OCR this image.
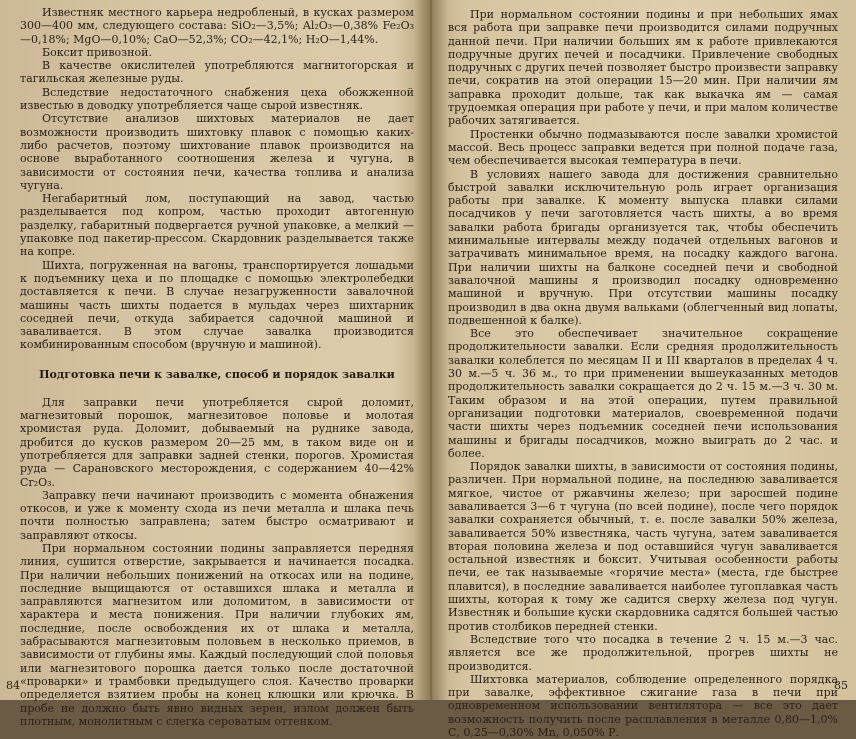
Известняк местного карьера недробленый, в кусках размером 300—400 мм, следующего состава: SiO₂—3,5%; Al₂O₃—0,38% Fe₂O₃—0,18%; MgO—0,10%; CaO—52,3%; CO₂—42,1%; H₂O—1,44%.

Боксит привозной.

В качестве окислителей употребляются магнитогорская и тагильская железные руды.

Вследствие недостаточного снабжения цеха обожженной известью в доводку употребляется чаще сырой известняк.

Отсутствие анализов шихтовых материалов не дает возможности производить шихтовку плавок с помощью каких-либо расчетов, поэтому шихтование плавок производится на основе выработанного соотношения железа и чугуна, в зависимости от состояния печи, качества топлива и анализа чугуна.

Негабаритный лом, поступающий на завод, частью разделывается под копром, частью проходит автогенную разделку, габаритный подвергается ручной упаковке, а мелкий — упаковке под пакетир-прессом. Скардовник разделывается также на копре.

Шихта, погруженная на вагоны, транспортируется лошадьми к подъемнику цеха и по площадке с помощью электролебедки доставляется к печи. В случае незагруженности завалочной машины часть шихты подается в мульдах через шихтарник соседней печи, откуда забирается садочной машиной и заваливается. В этом случае завалка производится комбинированным способом (вручную и машиной).

Подготовка печи к завалке, способ и порядок завалки

Для заправки печи употребляется сырой доломит, магнезитовый порошок, магнезитовое половье и молотая хромистая руда. Доломит, добываемый на руднике завода, дробится до кусков размером 20—25 мм, в таком виде он и употребляется для заправки задней стенки, порогов. Хромистая руда — Сарановского месторождения, с содержанием 40—42% Cr₂O₃.

Заправку печи начинают производить с момента обнажения откосов, и уже к моменту схода из печи металла и шлака печь почти полностью заправлена; затем быстро осматривают и заправляют откосы.

При нормальном состоянии подины заправляется передняя линия, сушится отверстие, закрывается и начинается посадка. При наличии небольших понижений на откосах или на подине, последние выщищаются от оставшихся шлака и металла и заправляются магнезитом или доломитом, в зависимости от характера и места понижения. При наличии глубоких ям, последние, после освобождения их от шлака и металла, забрасываются магнезитовым половьем в несколько приемов, в зависимости от глубины ямы. Каждый последующий слой половья или магнезитового порошка дается только после достаточной «проварки» и трамбовки предыдущего слоя. Качество проварки определяется взятием пробы на конец клюшки или крючка. В пробе не должно быть явно видных зерен, излом должен быть плотным, монолитным с слегка сероватым оттенком.

84

При нормальном состоянии подины и при небольших ямах вся работа при заправке печи производится силами подручных данной печи. При наличии больших ям к работе привлекаются подручные других печей и посадчики. Привлечение свободных подручных с других печей позволяет быстро произвести заправку печи, сократив на этой операции 15—20 мин. При наличии ям заправка проходит дольше, так как выкачка ям — самая трудоемкая операция при работе у печи, и при малом количестве рабочих затягивается.

Простенки обычно подмазываются после завалки хромистой массой. Весь процесс заправки ведется при полной подаче газа, чем обеспечивается высокая температура в печи.

В условиях нашего завода для достижения сравнительно быстрой завалки исключительную роль играет организация работы при завалке. К моменту выпуска плавки силами посадчиков у печи заготовляется часть шихты, а во время завалки работа бригады организуется так, чтобы обеспечить минимальные интервалы между подачей отдельных вагонов и затрачивать минимальное время, на посадку каждого вагона. При наличии шихты на балконе соседней печи и свободной завалочной машины я производил посадку одновременно машиной и вручную. При отсутствии машины посадку производил в два окна двумя вальками (облегченный вид лопаты, подвешенной к балке).

Все это обеспечивает значительное сокращение продолжительности завалки. Если средняя продолжительность завалки колеблется по месяцам II и III кварталов в пределах 4 ч. 30 м.—5 ч. 36 м., то при применении вышеуказанных методов продолжительность завалки сокращается до 2 ч. 15 м.—3 ч. 30 м. Таким образом и на этой операции, путем правильной организации подготовки материалов, своевременной подачи части шихты через подъемник соседней печи использования машины и бригады посадчиков, можно выиграть до 2 час. и более.

Порядок завалки шихты, в зависимости от состояния подины, различен. При нормальной подине, на последнюю заваливается мягкое, чистое от ржавчины железо; при заросшей подине заваливается 3—6 т чугуна (по всей подине), после чего порядок завалки сохраняется обычный, т. е. после завалки 50% железа, заваливается 50% известняка, часть чугуна, затем заваливается вторая половина железа и под оставшийся чугун заваливается остальной известняк и боксит. Учитывая особенности работы печи, ее так называемые «горячие места» (места, где быстрее плавится), в последние заваливается наиболее тугоплавкая часть шихты, которая к тому же садится сверху железа под чугун. Известняк и большие куски скардовника садятся большей частью против столбиков передней стенки.

Вследствие того что посадка в течение 2 ч. 15 м.—3 час. является все же продолжительной, прогрев шихты не производится.

Шихтовка материалов, соблюдение определенного порядка при завалке, эффективное сжигание газа в печи при одновременном использовании вентилятора — все это дает возможность получить после расплавления в металле 0,80—1,0% С, 0,25—0,30% Mn, 0,050% Р.

85
